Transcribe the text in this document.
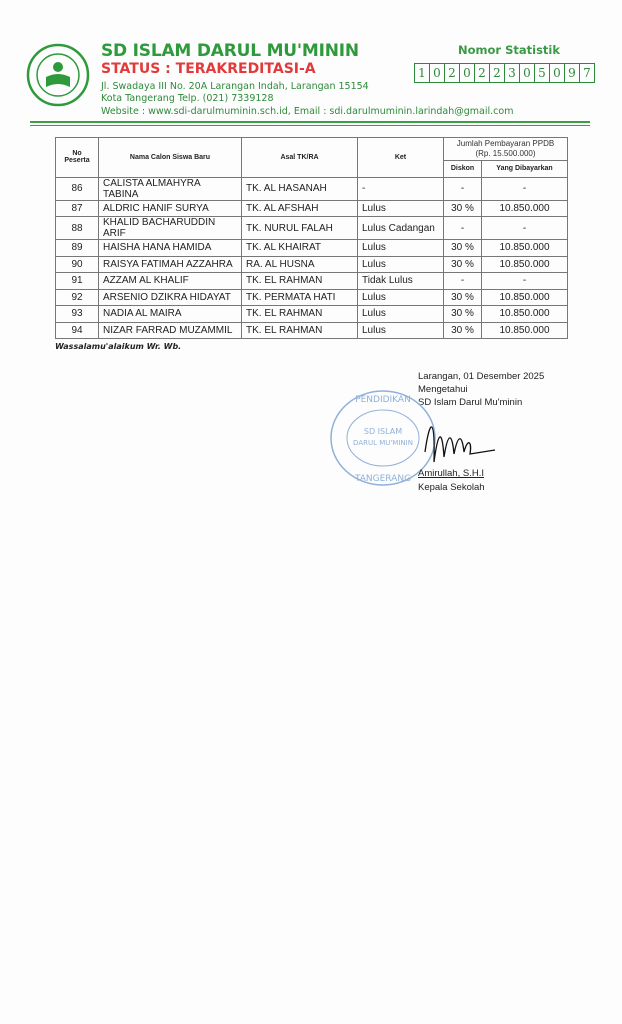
SD ISLAM DARUL MU'MININ
STATUS : TERAKREDITASI-A
Jl. Swadaya III No. 20A Larangan Indah, Larangan 15154
Kota Tangerang Telp. (021) 7339128
Website : www.sdi-darulmuminin.sch.id, Email : sdi.darulmuminin.larindah@gmail.com
Nomor Statistik
1 0 2 0 2 2 3 0 5 0 9 7
No Peserta	Nama Calon Siswa Baru	Asal TK/RA	Ket	Jumlah Pembayaran PPDB
(Rp. 15.500.000)	

				Diskon	Yang Dibayarkan
86	CALISTA ALMAHYRA TABINA	TK. AL HASANAH	-	-	-
87	ALDRIC HANIF SURYA	TK. AL AFSHAH	Lulus	30 %	10.850.000
88	KHALID BACHARUDDIN ARIF	TK. NURUL FALAH	Lulus Cadangan	-	-
89	HAISHA HANA HAMIDA	TK. AL KHAIRAT	Lulus	30 %	10.850.000
90	RAISYA FATIMAH AZZAHRA	RA. AL HUSNA	Lulus	30 %	10.850.000
91	AZZAM AL KHALIF	TK. EL RAHMAN	Tidak Lulus	-	-
92	ARSENIO DZIKRA HIDAYAT	TK. PERMATA HATI	Lulus	30 %	10.850.000
93	NADIA AL MAIRA	TK. EL RAHMAN	Lulus	30 %	10.850.000
94	NIZAR FARRAD MUZAMMIL	TK. EL RAHMAN	Lulus	30 %	10.850.000
Wassalamu'alaikum Wr. Wb.
Larangan, 01 Desember 2025
Mengetahui
SD Islam Darul Mu'minin
SD ISLAM
DARUL MU'MININ
PENDIDIKAN
TANGERANG Amirullah, S.H.I
Kepala Sekolah
